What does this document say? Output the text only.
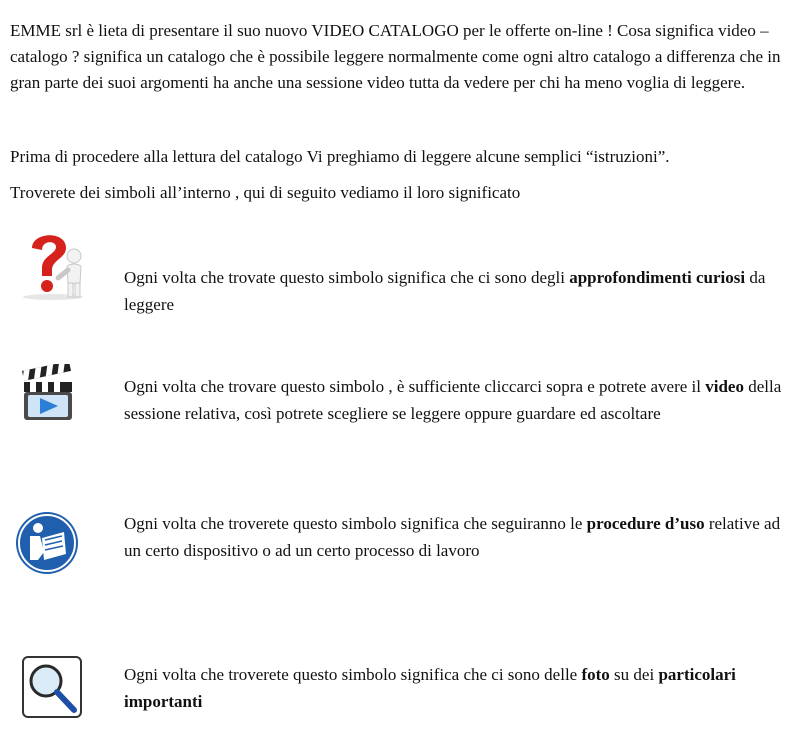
EMME srl è lieta di presentare il suo nuovo VIDEO CATALOGO per le offerte on-line ! Cosa significa video – catalogo ? significa un catalogo che è possibile leggere normalmente come ogni altro catalogo a differenza che in gran parte dei suoi argomenti ha anche una sessione video tutta da vedere per chi ha meno voglia di leggere.

Prima di procedere alla lettura del catalogo Vi preghiamo di leggere alcune semplici “istruzioni”.

Troverete dei simboli all’interno , qui di seguito vediamo il loro significato

Ogni volta che trovate questo simbolo significa che ci sono degli approfondimenti curiosi da leggere

Ogni volta che trovare questo simbolo , è sufficiente cliccarci sopra e potrete avere il video della sessione relativa, così potrete scegliere se leggere oppure guardare ed ascoltare

Ogni volta che troverete questo simbolo significa che seguiranno le procedure d’uso relative ad un certo dispositivo o ad un certo processo di lavoro

Ogni volta che troverete questo simbolo significa che ci sono delle foto su dei particolari importanti
